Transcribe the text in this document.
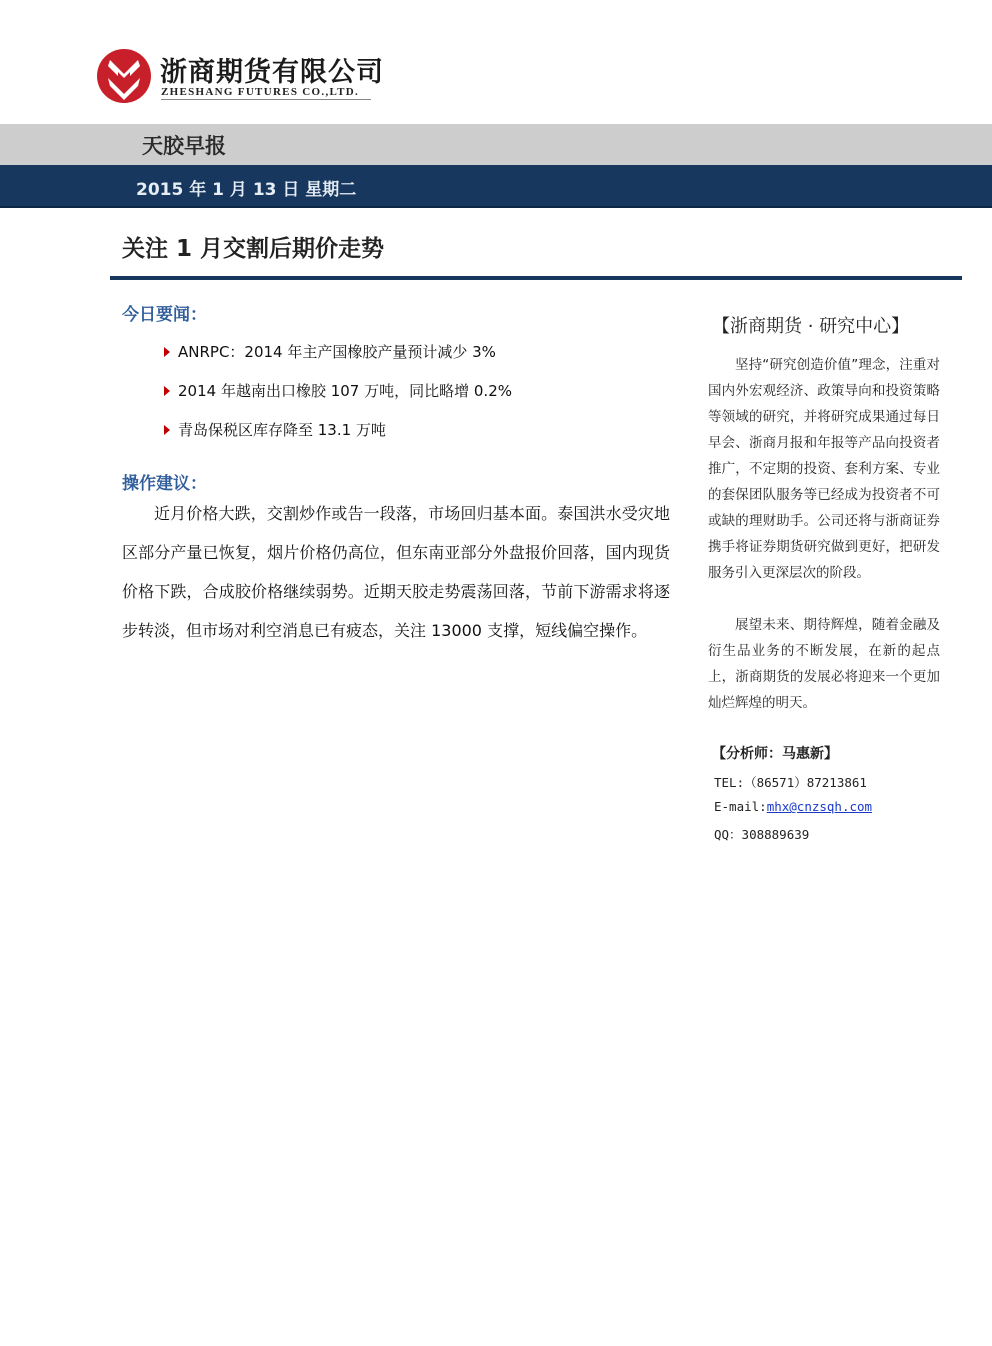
浙商期货有限公司
ZHESHANG FUTURES CO.,LTD.
天胶早报
2015 年 1 月 13 日 星期二
关注 1 月交割后期价走势
今日要闻：
ANRPC：2014 年主产国橡胶产量预计减少 3%
2014 年越南出口橡胶 107 万吨，同比略增 0.2%
青岛保税区库存降至 13.1 万吨
操作建议：

近月价格大跌，交割炒作或告一段落，市场回归基本面。泰国洪水受灾地区部分产量已恢复，烟片价格仍高位，但东南亚部分外盘报价回落，国内现货价格下跌，合成胶价格继续弱势。近期天胶走势震荡回落，节前下游需求将逐步转淡，但市场对利空消息已有疲态，关注 13000 支撑，短线偏空操作。

【浙商期货 · 研究中心】

坚持“研究创造价值”理念，注重对国内外宏观经济、政策导向和投资策略等领域的研究，并将研究成果通过每日早会、浙商月报和年报等产品向投资者推广，不定期的投资、套利方案、专业的套保团队服务等已经成为投资者不可或缺的理财助手。公司还将与浙商证券携手将证券期货研究做到更好，把研发服务引入更深层次的阶段。

展望未来、期待辉煌，随着金融及衍生品业务的不断发展，在新的起点上，浙商期货的发展必将迎来一个更加灿烂辉煌的明天。

【分析师：马惠新】
TEL:（86571）87213861
E-mail:mhx@cnzsqh.com
QQ：308889639
